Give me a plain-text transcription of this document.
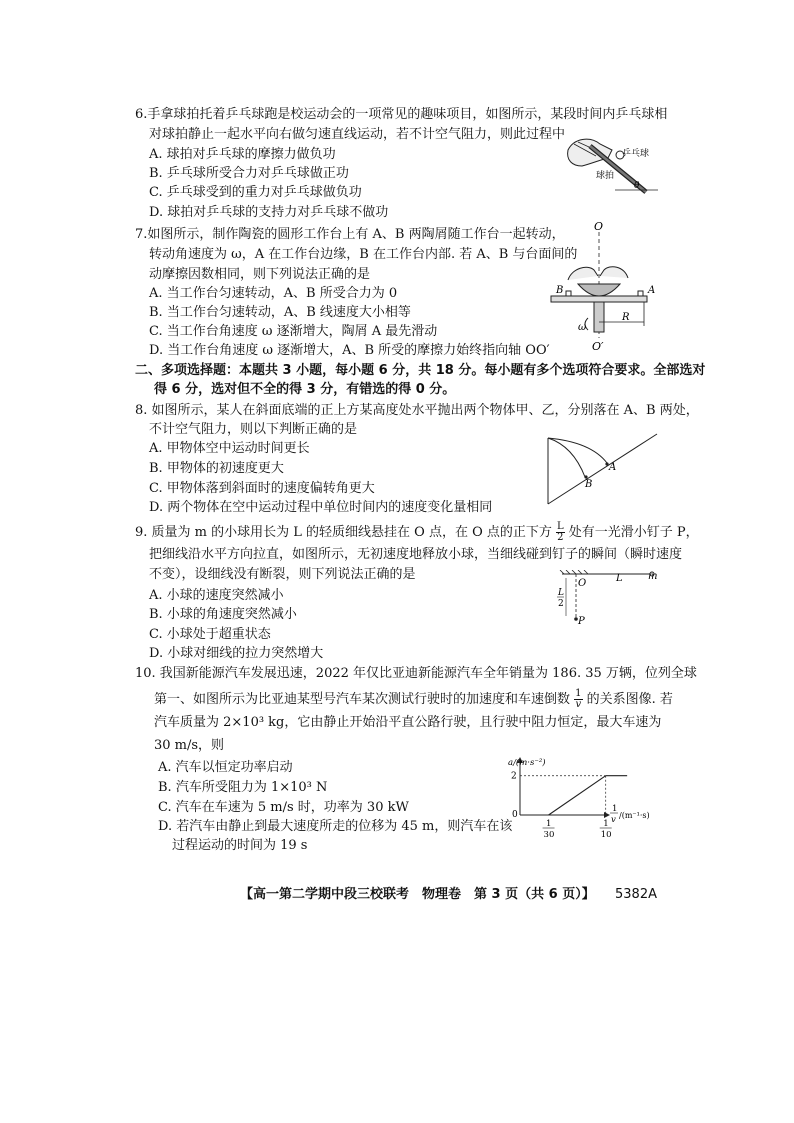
6.手拿球拍托着乒乓球跑是校运动会的一项常见的趣味项目，如图所示，某段时间内乒乓球相
对球拍静止一起水平向右做匀速直线运动，若不计空气阻力，则此过程中
A. 球拍对乒乓球的摩擦力做负功
B. 乒乓球所受合力对乒乓球做正功
C. 乒乓球受到的重力对乒乓球做负功
D. 球拍对乒乓球的支持力对乒乓球不做功
乒乓球
球拍
θ
7.如图所示，制作陶瓷的圆形工作台上有 A、B 两陶屑随工作台一起转动，
转动角速度为 ω，A 在工作台边缘，B 在工作台内部. 若 A、B 与台面间的
动摩擦因数相同，则下列说法正确的是
A. 当工作台匀速转动，A、B 所受合力为 0
B. 当工作台匀速转动，A、B 线速度大小相等
C. 当工作台角速度 ω 逐渐增大，陶屑 A 最先滑动
D. 当工作台角速度 ω 逐渐增大，A、B 所受的摩擦力始终指向轴 OO′
O
O′
B	A
R
ω
二、多项选择题：本题共 3 小题，每小题 6 分，共 18 分。每小题有多个选项符合要求。全部选对
得 6 分，选对但不全的得 3 分，有错选的得 0 分。
8. 如图所示，某人在斜面底端的正上方某高度处水平抛出两个物体甲、乙，分别落在 A、B 两处，
不计空气阻力，则以下判断正确的是
A. 甲物体空中运动时间更长
B. 甲物体的初速度更大
C. 甲物体落到斜面时的速度偏转角更大
D. 两个物体在空中运动过程中单位时间内的速度变化量相同
A
B
9. 质量为 m 的小球用长为 L 的轻质细线悬挂在 O 点，在 O 点的正下方 $\frac{L}{2}$ 处有一光滑小钉子 P，
把细线沿水平方向拉直，如图所示，无初速度地释放小球，当细线碰到钉子的瞬间（瞬时速度
不变），设细线没有断裂，则下列说法正确的是
A. 小球的速度突然减小
B. 小球的角速度突然减小
C. 小球处于超重状态
D. 小球对细线的拉力突然增大
O	L	m
P
L
2
10. 我国新能源汽车发展迅速，2022 年仅比亚迪新能源汽车全年销量为 186. 35 万辆，位列全球
第一、如图所示为比亚迪某型号汽车某次测试行驶时的加速度和车速倒数 $\frac{1}{v}$ 的关系图像. 若
汽车质量为 2×10³ kg，它由静止开始沿平直公路行驶，且行驶中阻力恒定，最大车速为
30 m/s，则
A. 汽车以恒定功率启动
B. 汽车所受阻力为 1×10³ N
C. 汽车在车速为 5 m/s 时，功率为 30 kW
D. 若汽车由静止到最大速度所走的位移为 45 m，则汽车在该
过程运动的时间为 19 s
a/(m·s⁻²)
0
2
1
30
1
10
1
v /(m⁻¹·s)
【高一第二学期中段三校联考　物理卷　第 3 页（共 6 页）】 5382A
